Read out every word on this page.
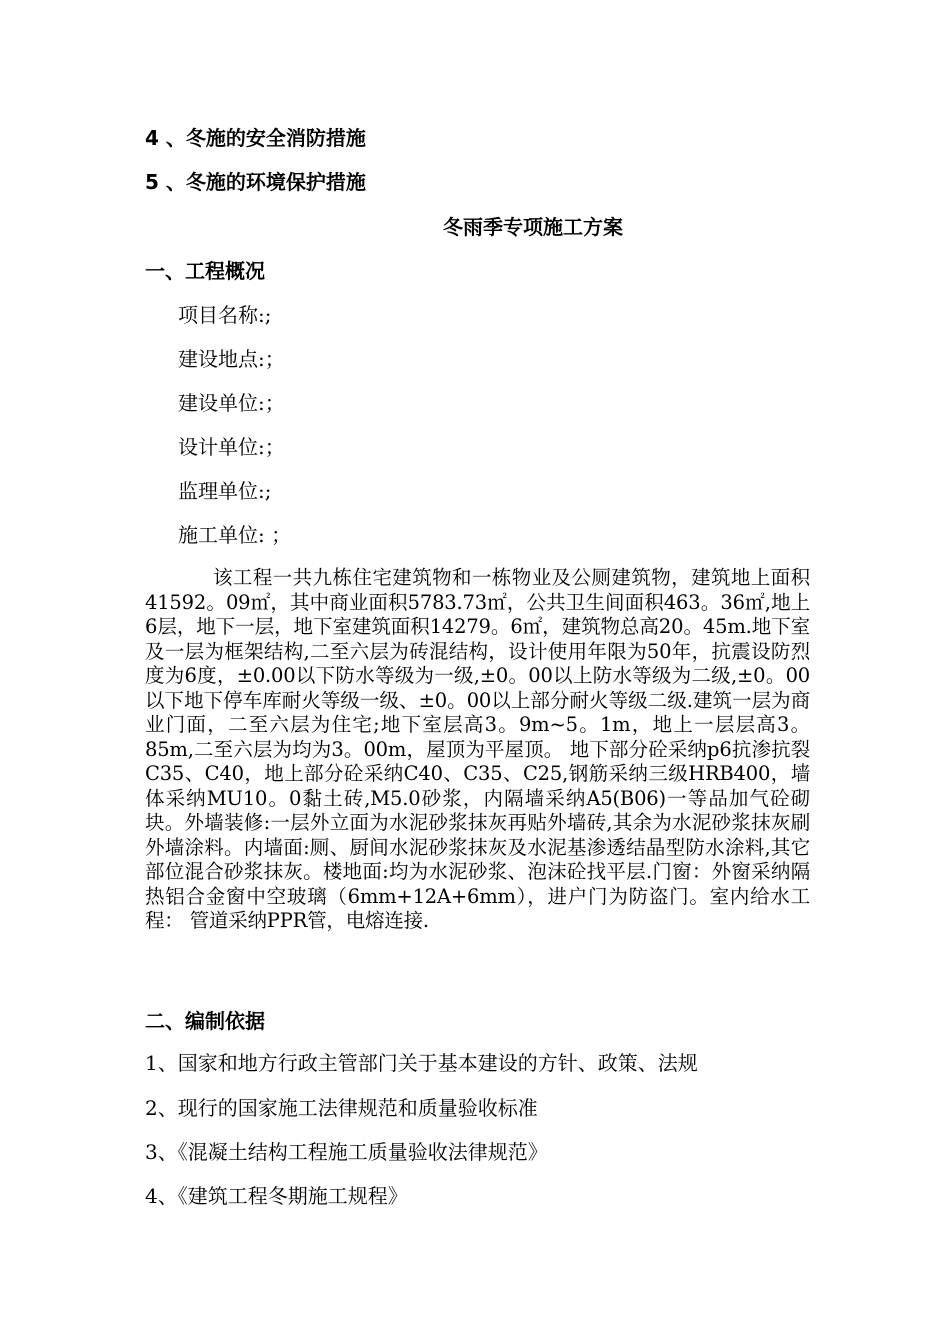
4 、冬施的安全消防措施
5 、冬施的环境保护措施
冬雨季专项施工方案
一、工程概况
项目名称:;
建设地点:；
建设单位:；
设计单位:；
监理单位:;
施工单位: ；
该工程一共九栋住宅建筑物和一栋物业及公厕建筑物，建筑地上面积41592。09㎡，其中商业面积5783.73㎡，公共卫生间面积463。36㎡,地上6层，地下一层，地下室建筑面积14279。6㎡，建筑物总高20。45m.地下室及一层为框架结构,二至六层为砖混结构，设计使用年限为50年，抗震设防烈度为6度，±0.00以下防水等级为一级,±0。00以上防水等级为二级,±0。00以下地下停车库耐火等级一级、±0。00以上部分耐火等级二级.建筑一层为商业门面，二至六层为住宅;地下室层高3。9m~5。1m，地上一层层高3。85m,二至六层为均为3。00m，屋顶为平屋顶。 地下部分砼采纳p6抗渗抗裂C35、C40，地上部分砼采纳C40、C35、C25,钢筋采纳三级HRB400，墙体采纳MU10。0黏土砖,M5.0砂浆，内隔墙采纳A5(B06)一等品加气砼砌块。外墙装修:一层外立面为水泥砂浆抹灰再贴外墙砖,其余为水泥砂浆抹灰刷外墙涂料。内墙面:厕、厨间水泥砂浆抹灰及水泥基渗透结晶型防水涂料,其它部位混合砂浆抹灰。楼地面:均为水泥砂浆、泡沫砼找平层.门窗：外窗采纳隔热铝合金窗中空玻璃（6mm+12A+6mm），进户门为防盗门。室内给水工程： 管道采纳PPR管，电熔连接.
二、编制依据
1、国家和地方行政主管部门关于基本建设的方针、政策、法规
2、现行的国家施工法律规范和质量验收标准
3、《混凝土结构工程施工质量验收法律规范》
4、《建筑工程冬期施工规程》
